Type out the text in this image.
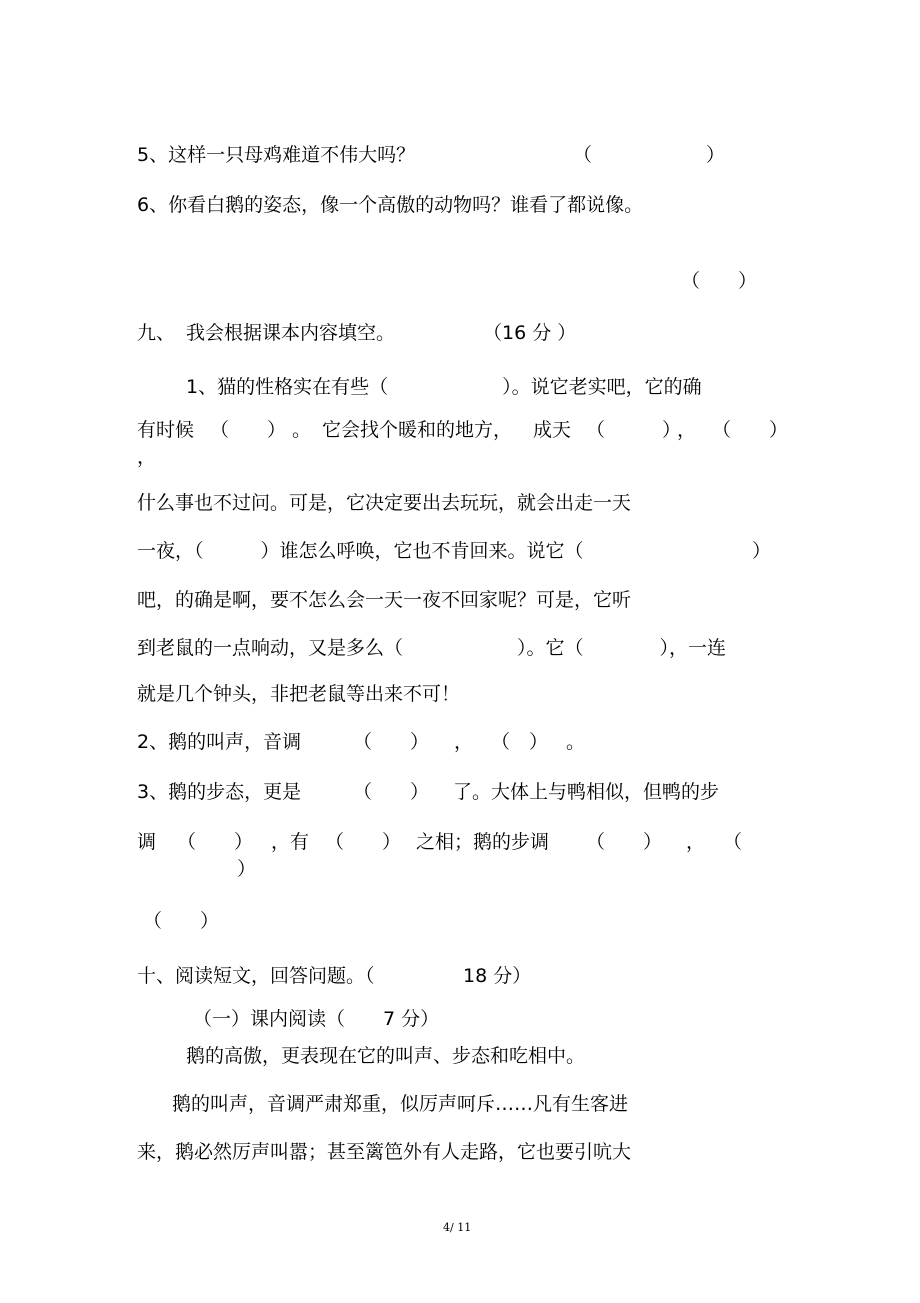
5、这样一只母鸡难道不伟大吗？	（　　　　　　）
6、你看白鹅的姿态，像一个高傲的动物吗？谁看了都说像。
（　　）
九、 我会根据课本内容填空。	（16 分 ）
1、猫的性格实在有些（　　　　　　）。说它老实吧，它的确
有时候 （　　） 。 它会找个暖和的地方， 成天 （　　　）
， （　　）
，
什么事也不过问。可是，它决定要出去玩玩，就会出走一天
一夜，（　　　）谁怎么呼唤，它也不肯回来。说它（	）
吧，的确是啊，要不怎么会一天一夜不回家呢？可是，它听
到老鼠的一点响动，又是多么（　　　　　　）。它（　　　　），一连
就是几个钟头，非把老鼠等出来不可！
2、鹅的叫声，音调	（　　） ， （　） 。
3、鹅的步态，更是	（　　） 了。大体上与鸭相似，但鸭的步
调 （　　） ，有 （　　） 之相；鹅的步调 （　　） ， （
）
（　　）
十、阅读短文，回答问题。（	18 分）
（一）课内阅读（ 7 分）
鹅的高傲，更表现在它的叫声、步态和吃相中。
鹅的叫声，音调严肃郑重，似厉声呵斥……凡有生客进
来，鹅必然厉声叫嚣；甚至篱笆外有人走路，它也要引吭大
4/ 11
